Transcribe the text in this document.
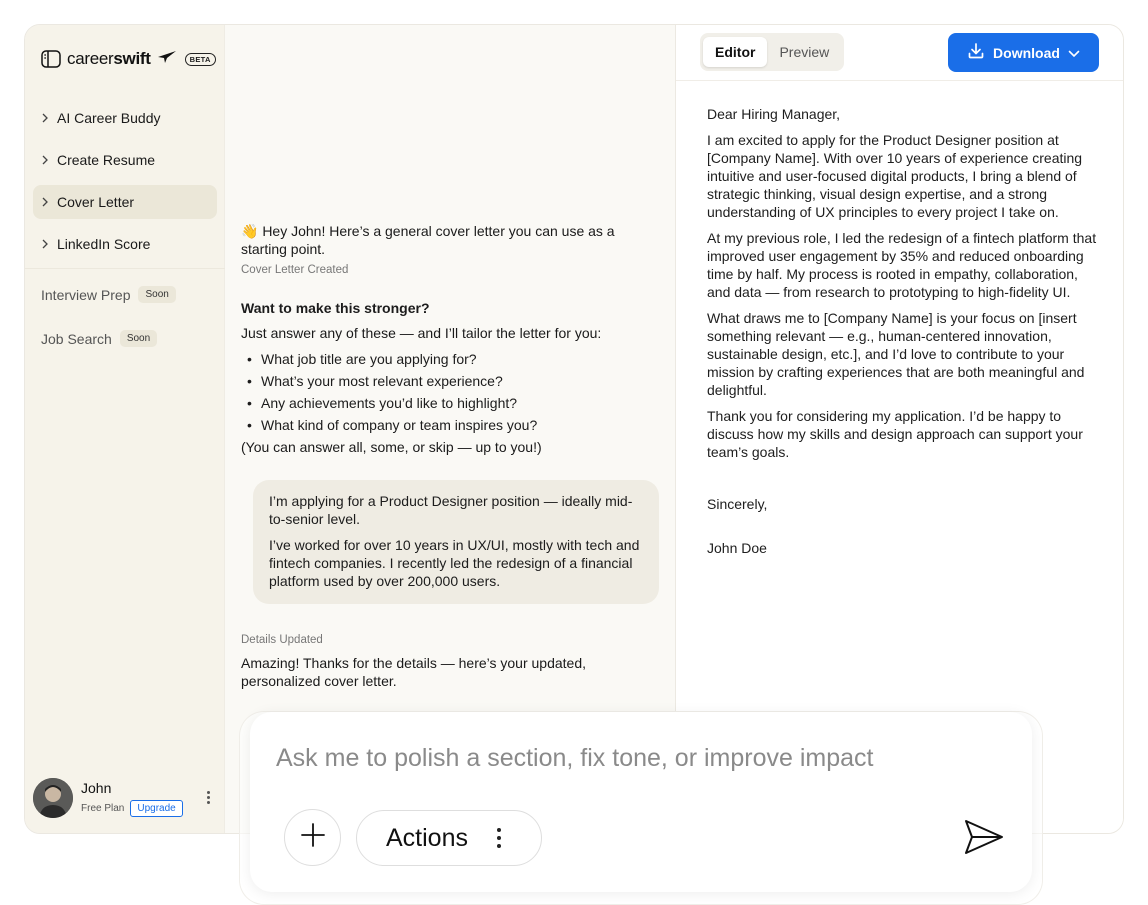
careerswift	BETA
AI Career Buddy
Create Resume
Cover Letter
LinkedIn Score
Interview Prep	Soon
Job Search	Soon
John
Free Plan	Upgrade
👋 Hey John! Here’s a general cover letter you can use as a starting point.
Cover Letter Created
Want to make this stronger?
Just answer any of these — and I’ll tailor the letter for you:
• What job title are you applying for?
• What’s your most relevant experience?
• Any achievements you’d like to highlight?
• What kind of company or team inspires you?
(You can answer all, some, or skip — up to you!)

I’m applying for a Product Designer position — ideally mid-to-senior level.

I’ve worked for over 10 years in UX/UI, mostly with tech and fintech companies. I recently led the redesign of a financial platform used by over 200,000 users.

Details Updated
Amazing! Thanks for the details — here’s your updated, personalized cover letter.
Editor	Preview	Download

Dear Hiring Manager,

I am excited to apply for the Product Designer position at [Company Name]. With over 10 years of experience creating intuitive and user-focused digital products, I bring a blend of strategic thinking, visual design expertise, and a strong understanding of UX principles to every project I take on.

At my previous role, I led the redesign of a fintech platform that improved user engagement by 35% and reduced onboarding time by half. My process is rooted in empathy, collaboration, and data — from research to prototyping to high-fidelity UI.

What draws me to [Company Name] is your focus on [insert something relevant — e.g., human-centered innovation, sustainable design, etc.], and I’d love to contribute to your mission by crafting experiences that are both meaningful and delightful.

Thank you for considering my application. I’d be happy to discuss how my skills and design approach can support your team’s goals.

Sincerely,

John Doe

Ask me to polish a section, fix tone, or improve impact
Actions
